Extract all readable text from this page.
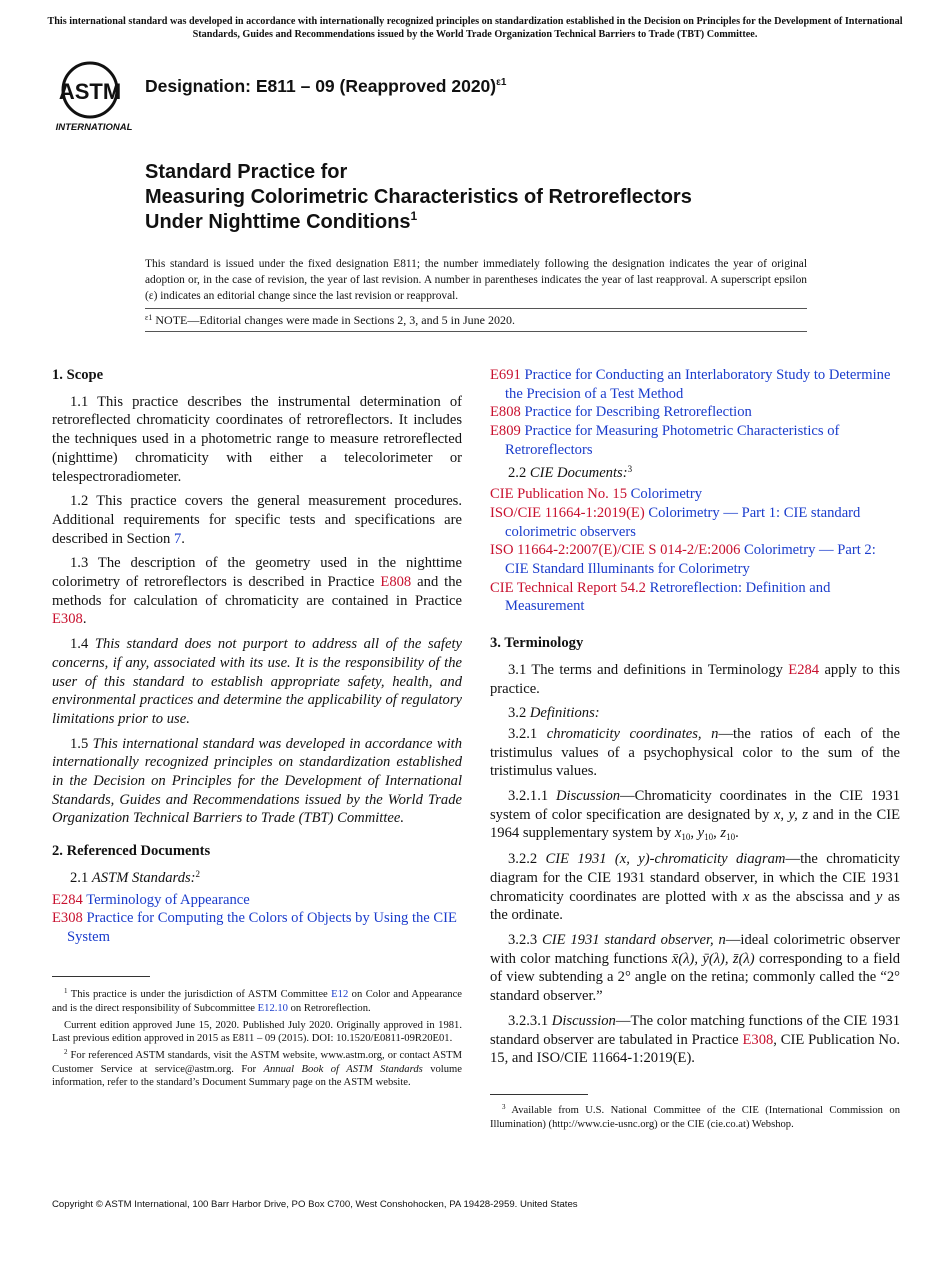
This international standard was developed in accordance with internationally recognized principles on standardization established in the Decision on Principles for the Development of International Standards, Guides and Recommendations issued by the World Trade Organization Technical Barriers to Trade (TBT) Committee.
ASTM
INTERNATIONAL
Designation: E811 – 09 (Reapproved 2020)$^{\varepsilon 1}$
Standard Practice for
Measuring Colorimetric Characteristics of Retroreflectors
Under Nighttime Conditions$^1$
This standard is issued under the fixed designation E811; the number immediately following the designation indicates the year of original adoption or, in the case of revision, the year of last revision. A number in parentheses indicates the year of last reapproval. A superscript epsilon (ε) indicates an editorial change since the last revision or reapproval.
$^{\varepsilon 1}$ NOTE—Editorial changes were made in Sections 2, 3, and 5 in June 2020.
1. Scope

1.1 This practice describes the instrumental determination of retroreflected chromaticity coordinates of retroreflectors. It includes the techniques used in a photometric range to measure retroreflected (nighttime) chromaticity with either a telecolorimeter or telespectroradiometer.

1.2 This practice covers the general measurement procedures. Additional requirements for specific tests and specifications are described in Section 7.

1.3 The description of the geometry used in the nighttime colorimetry of retroreflectors is described in Practice E808 and the methods for calculation of chromaticity are contained in Practice E308.

1.4 This standard does not purport to address all of the safety concerns, if any, associated with its use. It is the responsibility of the user of this standard to establish appropriate safety, health, and environmental practices and determine the applicability of regulatory limitations prior to use.

1.5 This international standard was developed in accordance with internationally recognized principles on standardization established in the Decision on Principles for the Development of International Standards, Guides and Recommendations issued by the World Trade Organization Technical Barriers to Trade (TBT) Committee.

2. Referenced Documents

2.1 ASTM Standards:$^2$

E284 Terminology of Appearance
E308 Practice for Computing the Colors of Objects by Using the CIE System

$^1$ This practice is under the jurisdiction of ASTM Committee E12 on Color and Appearance and is the direct responsibility of Subcommittee E12.10 on Retroreflection.

Current edition approved June 15, 2020. Published July 2020. Originally approved in 1981. Last previous edition approved in 2015 as E811 – 09 (2015). DOI: 10.1520/E0811-09R20E01.

$^2$ For referenced ASTM standards, visit the ASTM website, www.astm.org, or contact ASTM Customer Service at service@astm.org. For Annual Book of ASTM Standards volume information, refer to the standard’s Document Summary page on the ASTM website.

E691 Practice for Conducting an Interlaboratory Study to Determine the Precision of a Test Method
E808 Practice for Describing Retroreflection
E809 Practice for Measuring Photometric Characteristics of Retroreflectors

2.2 CIE Documents:$^3$

CIE Publication No. 15 Colorimetry
ISO/CIE 11664-1:2019(E) Colorimetry — Part 1: CIE standard colorimetric observers
ISO 11664-2:2007(E)/CIE S 014-2/E:2006 Colorimetry — Part 2: CIE Standard Illuminants for Colorimetry
CIE Technical Report 54.2 Retroreflection: Definition and Measurement
3. Terminology

3.1 The terms and definitions in Terminology E284 apply to this practice.

3.2 Definitions:

3.2.1 chromaticity coordinates, n—the ratios of each of the tristimulus values of a psychophysical color to the sum of the tristimulus values.

3.2.1.1 Discussion—Chromaticity coordinates in the CIE 1931 system of color specification are designated by x, y, z and in the CIE 1964 supplementary system by $x_{10}$, $y_{10}$, $z_{10}$.

3.2.2 CIE 1931 (x, y)-chromaticity diagram—the chromaticity diagram for the CIE 1931 standard observer, in which the CIE 1931 chromaticity coordinates are plotted with x as the abscissa and y as the ordinate.

3.2.3 CIE 1931 standard observer, n—ideal colorimetric observer with color matching functions x̄(λ), ȳ(λ), z̄(λ) corresponding to a field of view subtending a 2° angle on the retina; commonly called the “2° standard observer.”

3.2.3.1 Discussion—The color matching functions of the CIE 1931 standard observer are tabulated in Practice E308, CIE Publication No. 15, and ISO/CIE 11664-1:2019(E).

$^3$ Available from U.S. National Committee of the CIE (International Commission on Illumination) (http://www.cie-usnc.org) or the CIE (cie.co.at) Webshop.

Copyright © ASTM International, 100 Barr Harbor Drive, PO Box C700, West Conshohocken, PA 19428-2959. United States
